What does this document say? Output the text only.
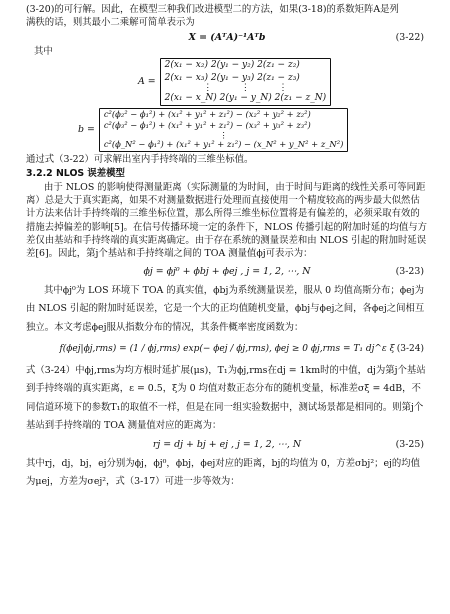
(3-20)的可行解。因此，在模型三种我们改进模型二的方法，如果(3-18)的系数矩阵A是列

满秩的话，则其最小二乘解可简单表示为

X = (AᵀA)⁻¹Aᵀb	(3-22)

其中

A =
2(x₁ − x₂) 2(y₁ − y₂) 2(z₁ − z₂)
2(x₁ − x₃) 2(y₁ − y₃) 2(z₁ − z₃)
⋮          ⋮          ⋮
2(x₁ − x_N) 2(y₁ − y_N) 2(z₁ − z_N)
b =
c²(ϕ₂² − ϕ₁²) + (x₁² + y₁² + z₁²) − (x₂² + y₂² + z₂²)
c²(ϕ₃² − ϕ₁²) + (x₁² + y₁² + z₁²) − (x₃² + y₃² + z₃²)
⋮
c²(ϕ_N² − ϕ₁²) + (x₁² + y₁² + z₁²) − (x_N² + y_N² + z_N²)

通过式（3-22）可求解出室内手持终端的三维坐标值。

3.2.2 NLOS 误差模型

由于 NLOS 的影响使得测量距离（实际测量的为时间，由于时间与距离的线性关系可等同距离）总是大于真实距离，如果不对测量数据进行处理而直接使用一个精度较高的两步最大似然估计方法来估计手持终端的三维坐标位置，那么所得三维坐标位置将是有偏差的，必须采取有效的措施去掉偏差的影响[5]。在信号传播环境一定的条件下，NLOS 传播引起的附加时延的均值与方差仅由基站和手持终端的真实距离确定。由于存在系统的测量误差和由 NLOS 引起的附加时延误差[6]。因此，第j个基站和手持终端之间的 TOA 测量值ϕj可表示为：

ϕj = ϕj⁰ + ϕbj + ϕej , j = 1, 2, ⋯, N	(3-23)

其中ϕj⁰为 LOS 环境下 TOA 的真实值，ϕbj为系统测量误差，服从 0 均值高斯分布；ϕej为由 NLOS 引起的附加时延误差，它是一个大的正均值随机变量，ϕbj与ϕej之间，各ϕej之间相互独立。本文考虑ϕej服从指数分布的情况，其条件概率密度函数为：

f(ϕej|ϕj,rms) = (1 / ϕj,rms) exp(− ϕej / ϕj,rms), ϕej ≥ 0 ϕj,rms = T₁ dj^ε ξ (3-24)

式（3-24）中ϕj,rms为均方根时延扩展(μs)，T₁为ϕj,rms在dj = 1km时的中值，dj为第j个基站到手持终端的真实距离，ε = 0.5，ξ为 0 均值对数正态分布的随机变量，标准差σξ = 4dB，不同信道环境下的参数T₁的取值不一样，但是在同一组实验数据中，测试场景都是相同的。则第j个基站到手持终端的 TOA 测量值对应的距离为：

rj = dj + bj + ej , j = 1, 2, ⋯, N	(3-25)

其中rj，dj，bj，ej分别为ϕj，ϕj⁰，ϕbj，ϕej对应的距离，bj的均值为 0，方差σbj²；ej的均值为μej，方差为σej²，式（3-17）可进一步等效为：
